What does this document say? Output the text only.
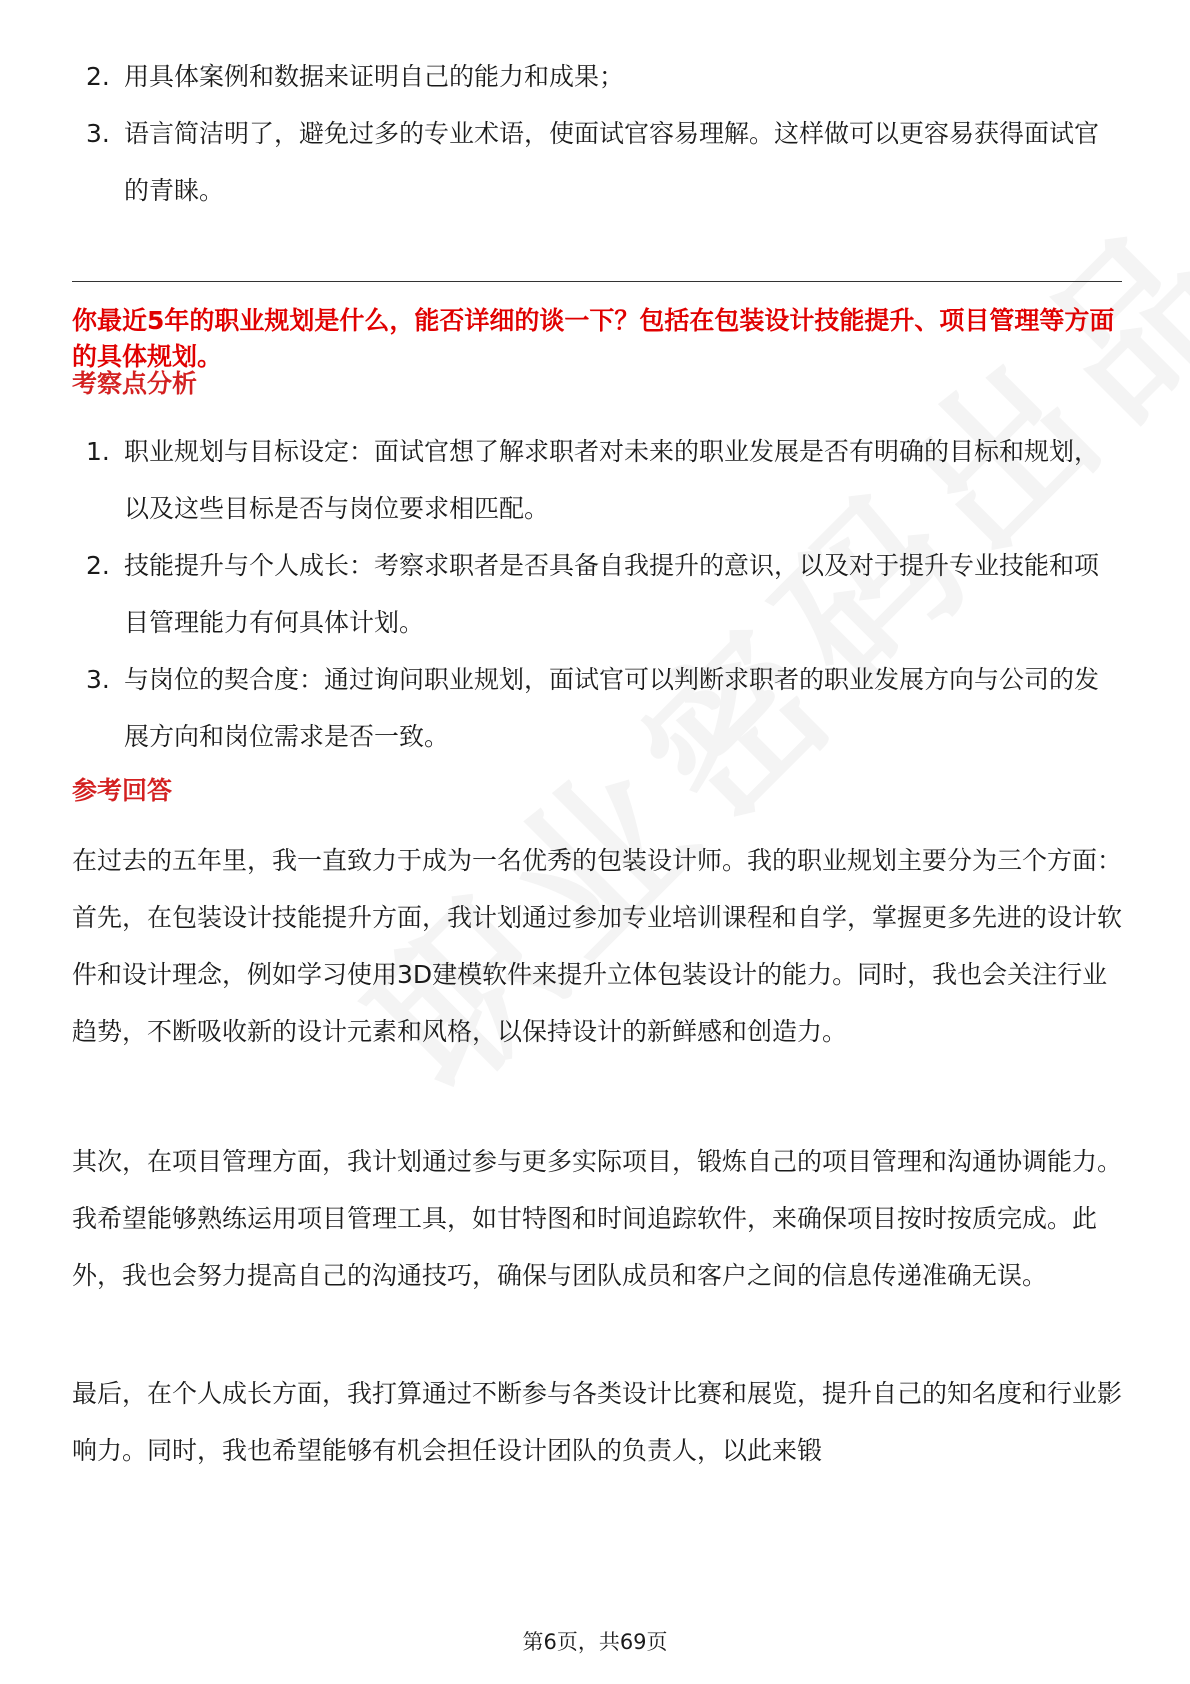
2. 用具体案例和数据来证明自己的能力和成果；
3. 语言简洁明了，避免过多的专业术语，使面试官容易理解。这样做可以更容易获得面试官的青睐。

你最近5年的职业规划是什么，能否详细的谈一下？包括在包装设计技能提升、项目管理等方面的具体规划。

考察点分析
1. 职业规划与目标设定：面试官想了解求职者对未来的职业发展是否有明确的目标和规划，以及这些目标是否与岗位要求相匹配。
2. 技能提升与个人成长：考察求职者是否具备自我提升的意识，以及对于提升专业技能和项目管理能力有何具体计划。
3. 与岗位的契合度：通过询问职业规划，面试官可以判断求职者的职业发展方向与公司的发展方向和岗位需求是否一致。
参考回答

在过去的五年里，我一直致力于成为一名优秀的包装设计师。我的职业规划主要分为三个方面：首先，在包装设计技能提升方面，我计划通过参加专业培训课程和自学，掌握更多先进的设计软件和设计理念，例如学习使用3D建模软件来提升立体包装设计的能力。同时，我也会关注行业趋势，不断吸收新的设计元素和风格，以保持设计的新鲜感和创造力。

其次，在项目管理方面，我计划通过参与更多实际项目，锻炼自己的项目管理和沟通协调能力。我希望能够熟练运用项目管理工具，如甘特图和时间追踪软件，来确保项目按时按质完成。此外，我也会努力提高自己的沟通技巧，确保与团队成员和客户之间的信息传递准确无误。

最后，在个人成长方面，我打算通过不断参与各类设计比赛和展览，提升自己的知名度和行业影响力。同时，我也希望能够有机会担任设计团队的负责人，以此来锻

第6页，共69页
